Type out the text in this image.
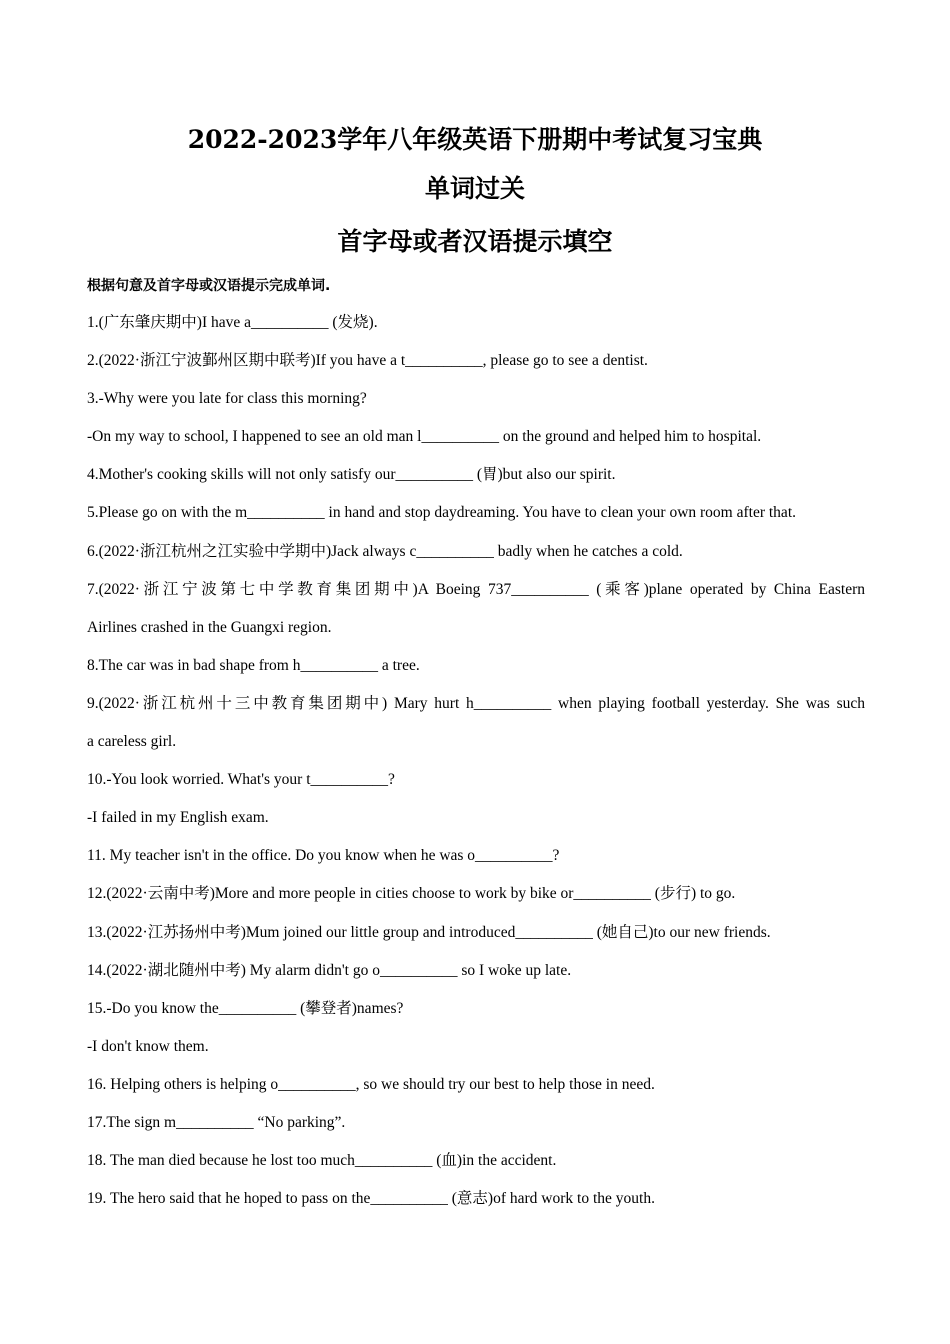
2022-2023学年八年级英语下册期中考试复习宝典
单词过关
首字母或者汉语提示填空
根据句意及首字母或汉语提示完成单词.
1.(广东肇庆期中)I have a__________ (发烧).
2.(2022·浙江宁波鄞州区期中联考)If you have a t__________, please go to see a dentist.
3.-Why were you late for class this morning?
-On my way to school, I happened to see an old man l__________ on the ground and helped him to hospital.
4.Mother's cooking skills will not only satisfy our__________ (胃)but also our spirit.
5.Please go on with the m__________ in hand and stop daydreaming. You have to clean your own room after that.
6.(2022·浙江杭州之江实验中学期中)Jack always c__________ badly when he catches a cold.
7.(2022·浙江宁波第七中学教育集团期中)A Boeing 737__________ (乘客)plane operated by China Eastern
Airlines crashed in the Guangxi region.
8.The car was in bad shape from h__________ a tree.
9.(2022·浙江杭州十三中教育集团期中) Mary hurt h__________ when playing football yesterday. She was such
a careless girl.
10.-You look worried. What's your t__________?
-I failed in my English exam.
11. My teacher isn't in the office. Do you know when he was o__________?
12.(2022·云南中考)More and more people in cities choose to work by bike or__________ (步行) to go.
13.(2022·江苏扬州中考)Mum joined our little group and introduced__________ (她自己)to our new friends.
14.(2022·湖北随州中考) My alarm didn't go o__________ so I woke up late.
15.-Do you know the__________ (攀登者)names?
-I don't know them.
16. Helping others is helping o__________, so we should try our best to help those in need.
17.The sign m__________ “No parking”.
18. The man died because he lost too much__________ (血)in the accident.
19. The hero said that he hoped to pass on the__________ (意志)of hard work to the youth.
